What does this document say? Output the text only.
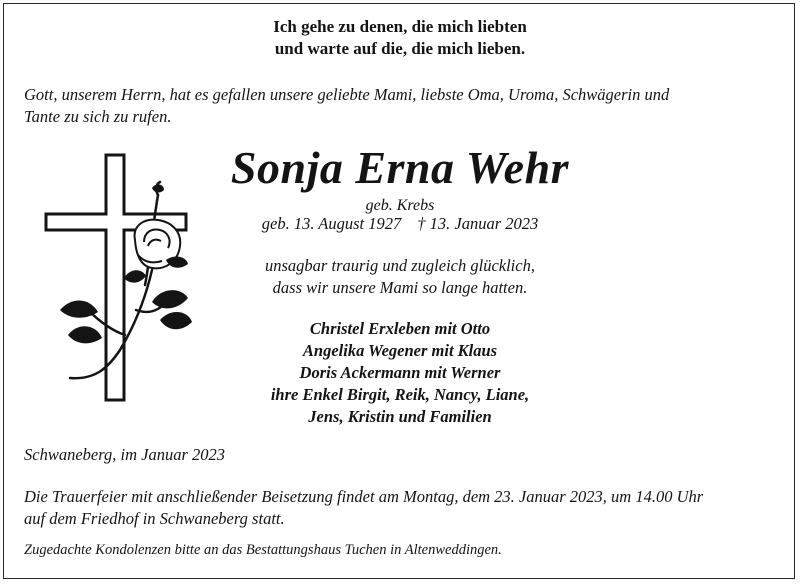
Ich gehe zu denen, die mich liebten
und warte auf die, die mich lieben.
Gott, unserem Herrn, hat es gefallen unsere geliebte Mami, liebste Oma, Uroma, Schwägerin und
Tante zu sich zu rufen.
Sonja Erna Wehr
geb. Krebs
geb. 13. August 1927 † 13. Januar 2023
unsagbar traurig und zugleich glücklich,
dass wir unsere Mami so lange hatten.
Christel Erxleben mit Otto
Angelika Wegener mit Klaus
Doris Ackermann mit Werner
ihre Enkel Birgit, Reik, Nancy, Liane,
Jens, Kristin und Familien
Schwaneberg, im Januar 2023
Die Trauerfeier mit anschließender Beisetzung findet am Montag, dem 23. Januar 2023, um 14.00 Uhr
auf dem Friedhof in Schwaneberg statt.
Zugedachte Kondolenzen bitte an das Bestattungshaus Tuchen in Altenweddingen.
